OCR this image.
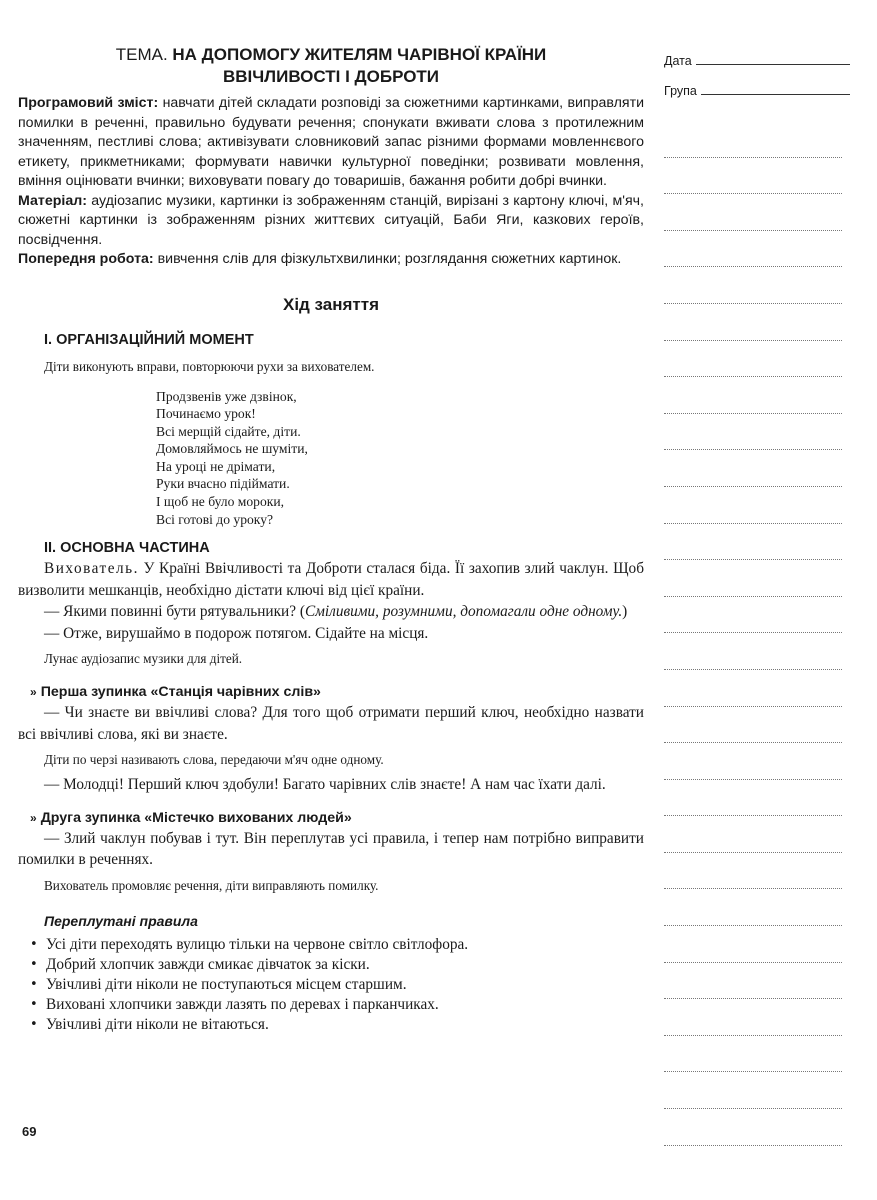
ТЕМА. НА ДОПОМОГУ ЖИТЕЛЯМ ЧАРІВНОЇ КРАЇНИ
ВВІЧЛИВОСТІ І ДОБРОТИ

Програмовий зміст: навчати дітей складати розповіді за сюжетними картинками, виправляти помилки в реченні, правильно будувати речення; спонукати вживати слова з протилежним значенням, пестливі слова; активізувати словниковий запас різними формами мовленнєвого етикету, прикметниками; формувати навички культурної поведінки; розвивати мовлення, вміння оцінювати вчинки; виховувати повагу до товаришів, бажання робити добрі вчинки.

Матеріал: аудіозапис музики, картинки із зображенням станцій, вирізані з картону ключі, м'яч, сюжетні картинки із зображенням різних життєвих ситуацій, Баби Яги, казкових героїв, посвідчення.

Попередня робота: вивчення слів для фізкультхвилинки; розглядання сюжетних картинок.

Хід заняття
I. ОРГАНІЗАЦІЙНИЙ МОМЕНТ

Діти виконують вправи, повторюючи рухи за вихователем.

Продзвенів уже дзвінок,
Починаємо урок!
Всі мерщій сідайте, діти.
Домовляймось не шуміти,
На уроці не дрімати,
Руки вчасно підіймати.
І щоб не було мороки,
Всі готові до уроку?
II. ОСНОВНА ЧАСТИНА

Вихователь. У Країні Ввічливості та Доброти сталася біда. Її захопив злий чаклун. Щоб визволити мешканців, необхідно дістати ключі від цієї країни.

— Якими повинні бути рятувальники? (Сміливими, розумними, допомагали одне одному.)

— Отже, вирушаймо в подорож потягом. Сідайте на місця.

Лунає аудіозапис музики для дітей.

» Перша зупинка «Станція чарівних слів»

— Чи знаєте ви ввічливі слова? Для того щоб отримати перший ключ, необхідно назвати всі ввічливі слова, які ви знаєте.

Діти по черзі називають слова, передаючи м'яч одне одному.

— Молодці! Перший ключ здобули! Багато чарівних слів знаєте! А нам час їхати далі.

» Друга зупинка «Містечко вихованих людей»

— Злий чаклун побував і тут. Він переплутав усі правила, і тепер нам потрібно виправити помилки в реченнях.

Вихователь промовляє речення, діти виправляють помилку.

Переплутані правила
• Усі діти переходять вулицю тільки на червоне світло світлофора.
• Добрий хлопчик завжди смикає дівчаток за кіски.
• Увічливі діти ніколи не поступаються місцем старшим.
• Виховані хлопчики завжди лазять по деревах і парканчиках.
• Увічливі діти ніколи не вітаються.
69
Дата
Група
